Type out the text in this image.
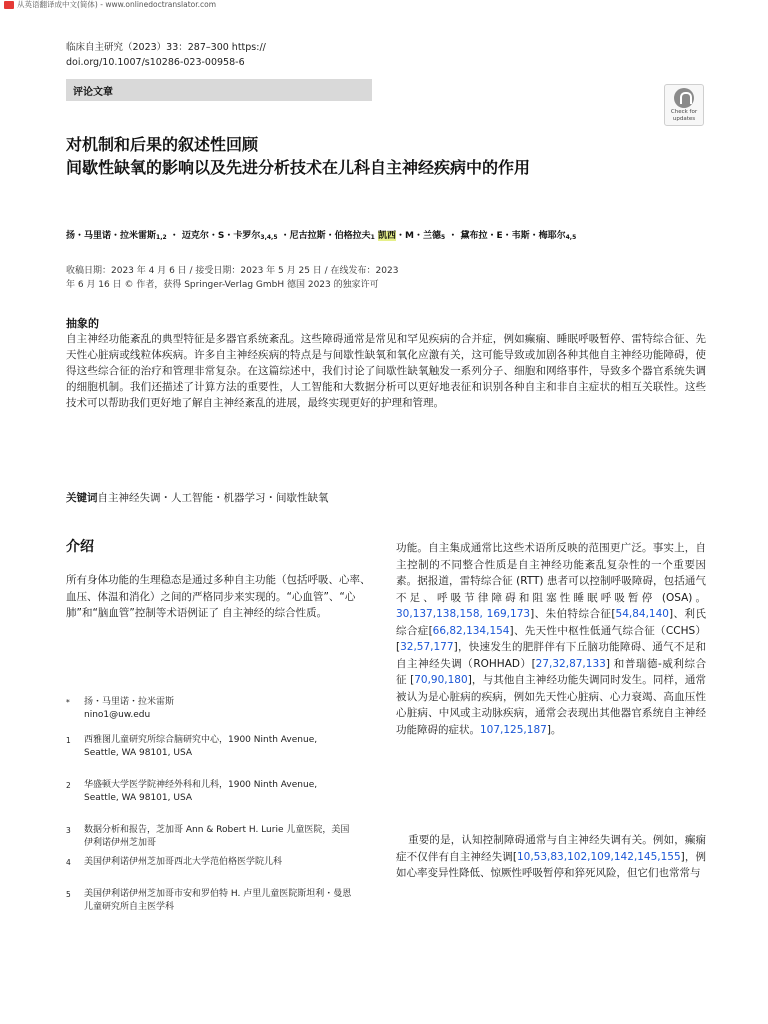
从英语翻译成中文(简体) - www.onlinedoctranslator.com
临床自主研究（2023）33：287–300 https://
doi.org/10.1007/s10286-023-00958-6
评论文章
Check for
updates
对机制和后果的叙述性回顾
间歇性缺氧的影响以及先进分析技术在儿科自主神经疾病中的作用
扬・马里诺・拉米雷斯$_{1,2}$ ・ 迈克尔・S・卡罗尔$_{3,4,5}$ ・尼古拉斯・伯格拉夫$_1$ 凯西・M・兰德$_5$ ・ 黛布拉・E・韦斯・梅耶尔$_{4,5}$
收稿日期：2023 年 4 月 6 日 / 接受日期：2023 年 5 月 25 日 / 在线发布：2023
年 6 月 16 日 © 作者，获得 Springer-Verlag GmbH 德国 2023 的独家许可
抽象的
自主神经功能紊乱的典型特征是多器官系统紊乱。这些障碍通常是常见和罕见疾病的合并症，例如癫痫、睡眠呼吸暂停、雷特综合征、先天性心脏病或线粒体疾病。许多自主神经疾病的特点是与间歇性缺氧和氧化应激有关，这可能导致或加剧各种其他自主神经功能障碍，使得这些综合征的治疗和管理非常复杂。在这篇综述中，我们讨论了间歇性缺氧触发一系列分子、细胞和网络事件，导致多个器官系统失调的细胞机制。我们还描述了计算方法的重要性，人工智能和大数据分析可以更好地表征和识别各种自主和非自主症状的相互关联性。这些技术可以帮助我们更好地了解自主神经紊乱的进展，最终实现更好的护理和管理。
关键词自主神经失调・人工智能・机器学习・间歇性缺氧
介绍
所有身体功能的生理稳态是通过多种自主功能（包括呼吸、心率、血压、体温和消化）之间的严格同步来实现的。“心血管”、“心肺”和“脑血管”控制等术语例证了 自主神经的综合性质。
* 扬・马里诺・拉米雷斯
nino1@uw.edu
1 西雅图儿童研究所综合脑研究中心，1900 Ninth Avenue, Seattle, WA 98101, USA
2 华盛顿大学医学院神经外科和儿科，1900 Ninth Avenue, Seattle, WA 98101, USA
3 数据分析和报告，芝加哥 Ann & Robert H. Lurie 儿童医院，美国伊利诺伊州芝加哥
4 美国伊利诺伊州芝加哥西北大学范伯格医学院儿科
5 美国伊利诺伊州芝加哥市安和罗伯特 H. 卢里儿童医院斯坦利・曼恩儿童研究所自主医学科
功能。自主集成通常比这些术语所反映的范围更广泛。事实上，自主控制的不同整合性质是自主神经功能紊乱复杂性的一个重要因素。据报道，雷特综合征 (RTT) 患者可以控制呼吸障碍，包括通气不足、呼吸节律障碍和阻塞性睡眠呼吸暂停 (OSA)。30,137,138,158, 169,173]、朱伯特综合征[54,84,140]、利氏综合症[66,82,134,154]、先天性中枢性低通气综合征（CCHS）[32,57,177]，快速发生的肥胖伴有下丘脑功能障碍、通气不足和自主神经失调（ROHHAD）[27,32,87,133] 和普瑞德-威利综合征 [70,90,180]，与其他自主神经功能失调同时发生。同样，通常被认为是心脏病的疾病，例如先天性心脏病、心力衰竭、高血压性心脏病、中风或主动脉疾病，通常会表现出其他器官系统自主神经功能障碍的症状。107,125,187]。
重要的是，认知控制障碍通常与自主神经失调有关。例如，癫痫症不仅伴有自主神经失调[10,53,83,102,109,142,145,155]，例如心率变异性降低、惊厥性呼吸暂停和猝死风险，但它们也常常与
